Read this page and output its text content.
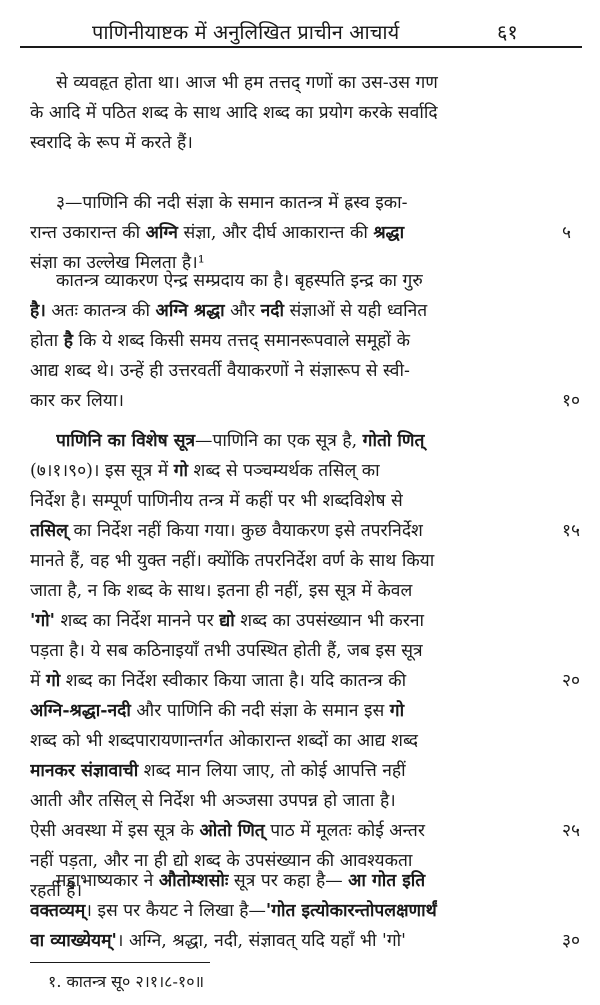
पाणिनीयाष्टक में अनुलिखित प्राचीन आचार्य	६१
से व्यवहृत होता था। आज भी हम तत्तद् गणों का उस-उस गण
के आदि में पठित शब्द के साथ आदि शब्द का प्रयोग करके सर्वादि
स्वरादि के रूप में करते हैं।
३—पाणिनि की नदी संज्ञा के समान कातन्त्र में ह्रस्व इका-
रान्त उकारान्त की अग्नि संज्ञा, और दीर्घ आकारान्त की श्रद्धा
संज्ञा का उल्लेख मिलता है।¹
कातन्त्र व्याकरण ऐन्द्र सम्प्रदाय का है। बृहस्पति इन्द्र का गुरु
है। अतः कातन्त्र की अग्नि श्रद्धा और नदी संज्ञाओं से यही ध्वनित
होता है कि ये शब्द किसी समय तत्तद् समानरूपवाले समूहों के
आद्य शब्द थे। उन्हें ही उत्तरवर्ती वैयाकरणों ने संज्ञारूप से स्वी-
कार कर लिया।
पाणिनि का विशेष सूत्र—पाणिनि का एक सूत्र है, गोतो णित्
(७।१।९०)। इस सूत्र में गो शब्द से पञ्चम्यर्थक तसिल् का
निर्देश है। सम्पूर्ण पाणिनीय तन्त्र में कहीं पर भी शब्दविशेष से
तसिल् का निर्देश नहीं किया गया। कुछ वैयाकरण इसे तपरनिर्देश
मानते हैं, वह भी युक्त नहीं। क्योंकि तपरनिर्देश वर्ण के साथ किया
जाता है, न कि शब्द के साथ। इतना ही नहीं, इस सूत्र में केवल
'गो' शब्द का निर्देश मानने पर द्यो शब्द का उपसंख्यान भी करना
पड़ता है। ये सब कठिनाइयाँ तभी उपस्थित होती हैं, जब इस सूत्र
में गो शब्द का निर्देश स्वीकार किया जाता है। यदि कातन्त्र की
अग्नि-श्रद्धा-नदी और पाणिनि की नदी संज्ञा के समान इस गो
शब्द को भी शब्दपारायणान्तर्गत ओकारान्त शब्दों का आद्य शब्द
मानकर संज्ञावाची शब्द मान लिया जाए, तो कोई आपत्ति नहीं
आती और तसिल् से निर्देश भी अञ्जसा उपपन्न हो जाता है।
ऐसी अवस्था में इस सूत्र के ओतो णित् पाठ में मूलतः कोई अन्तर
नहीं पड़ता, और ना ही द्यो शब्द के उपसंख्यान की आवश्यकता
रहती है।
महाभाष्यकार ने औतोम्शसोः सूत्र पर कहा है— आ गोत इति
वक्तव्यम्। इस पर कैयट ने लिखा है—'गोत इत्योकारन्तोपलक्षणार्थं
वा व्याख्येयम्'। अग्नि, श्रद्धा, नदी, संज्ञावत् यदि यहाँ भी 'गो'
५
१०
१५
२०
२५
३०
१. कातन्त्र सू० २।१।८-१०॥
